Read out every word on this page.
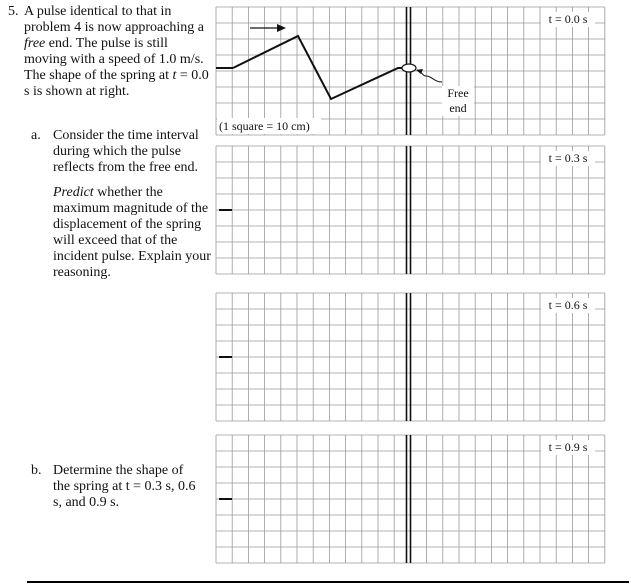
5. A pulse identical to that in problem 4 is now approaching a free end. The pulse is still moving with a speed of 1.0 m/s. The shape of the spring at t = 0.0 s is shown at right.
a. Consider the time interval during which the pulse reflects from the free end.
Predict whether the maximum magnitude of the displacement of the spring will exceed that of the incident pulse. Explain your reasoning.
b. Determine the shape of the spring at t = 0.3 s, 0.6 s, and 0.9 s.
t = 0.0 s
Free
end
(1 square = 10 cm)
t = 0.3 s
t = 0.6 s
t = 0.9 s
